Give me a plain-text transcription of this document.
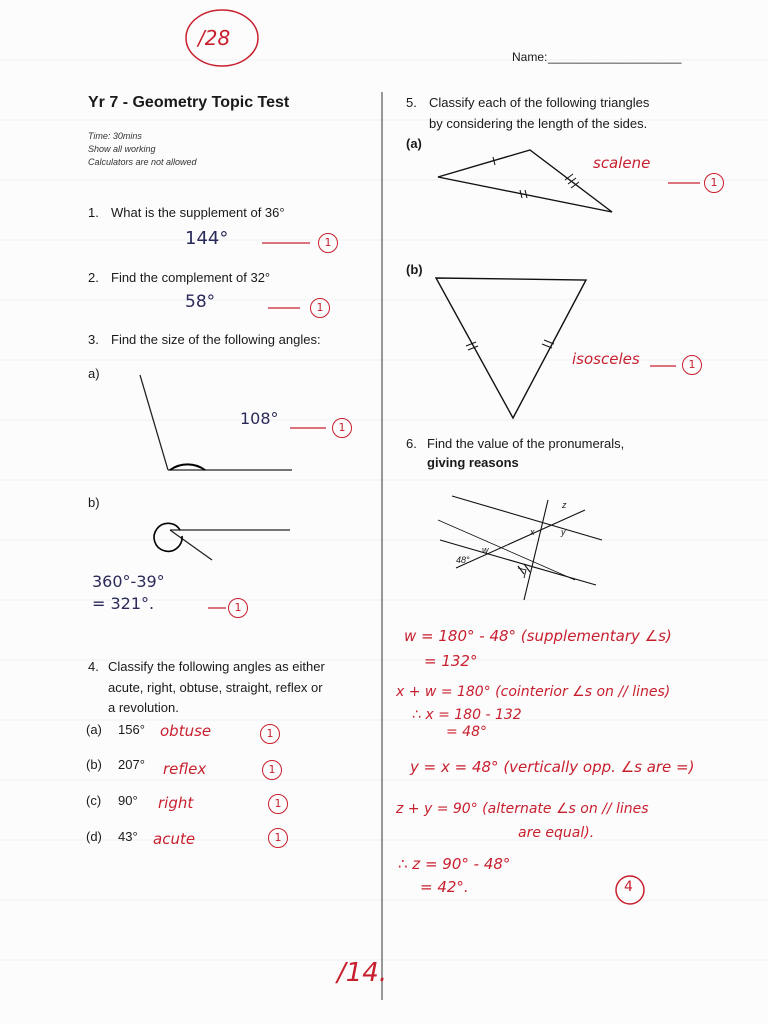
/28
Name: ____________________
Yr 7 - Geometry Topic Test
Time: 30mins
Show all working
Calculators are not allowed
1. What is the supplement of 36°
144°	1
2. Find the complement of 32°
58°	1
3. Find the size of the following angles:
a)
108°	1
b)
360°-39°
= 321°.	1
4. Classify the following angles as either
acute, right, obtuse, straight, reflex or
a revolution.
(a) 156° obtuse	1
(b) 207° reflex	1
(c) 90° right	1
(d) 43° acute	1
5. Classify each of the following triangles
by considering the length of the sides.
(a)
scalene
1
(b)
isosceles	1
6. Find the value of the pronumerals,
giving reasons
48°
w
x	y
z
w = 180° - 48° (supplementary ∠s)
= 132°
x + w = 180° (cointerior ∠s on // lines)
∴ x = 180 - 132
= 48°
y = x = 48° (vertically opp. ∠s are =)
z + y = 90° (alternate ∠s on // lines
are equal).
∴ z = 90° - 48°
= 42°.	4
/14.
